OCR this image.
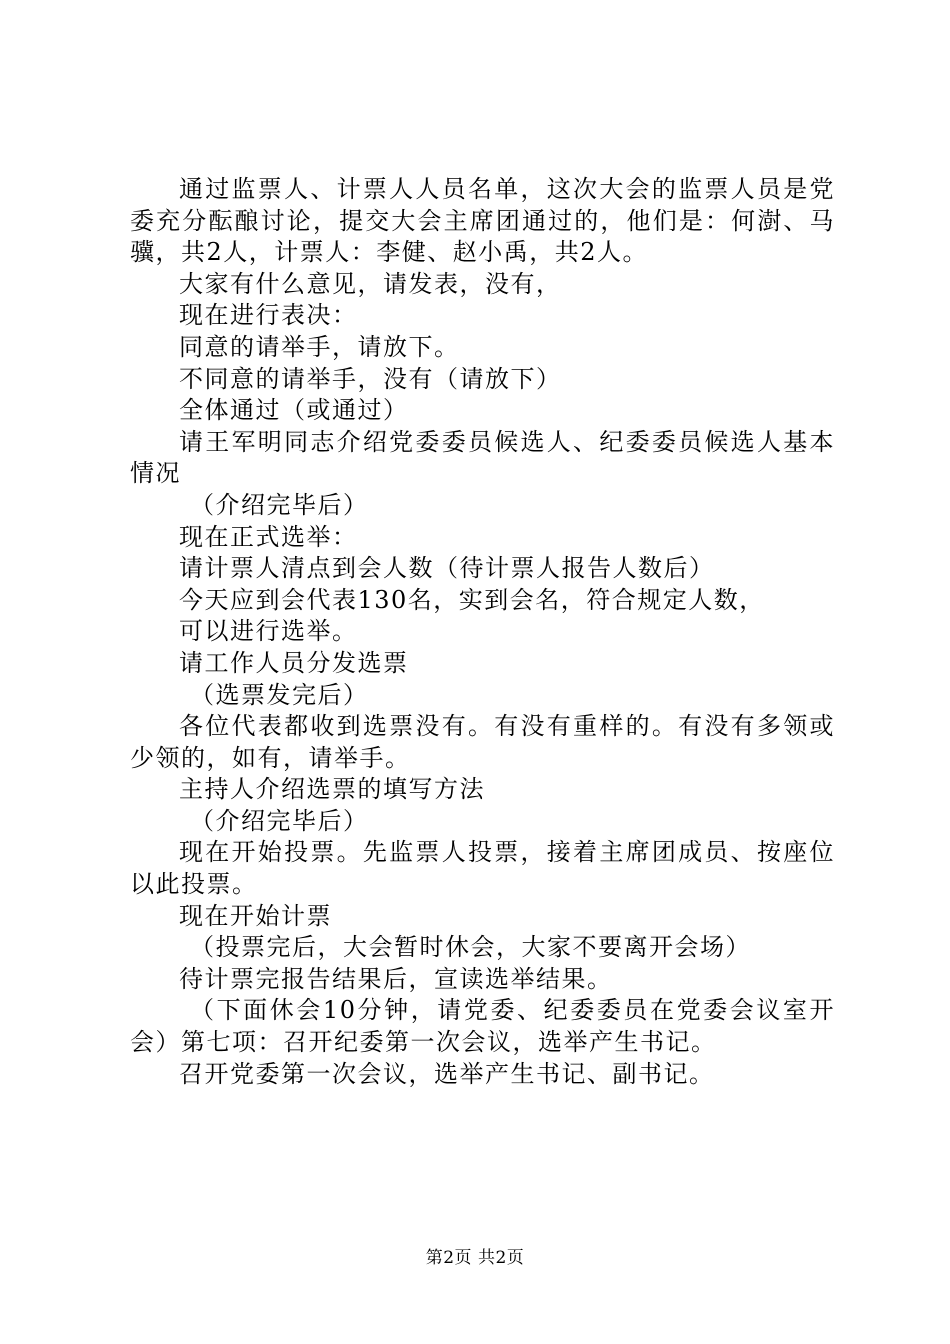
通过监票人、计票人人员名单，这次大会的监票人员是党委充分酝酿讨论，提交大会主席团通过的，他们是：何澍、马骥，共2人，计票人：李健、赵小禹，共2人。

大家有什么意见，请发表，没有，

现在进行表决：

同意的请举手，请放下。

不同意的请举手，没有（请放下）

全体通过（或通过）

请王军明同志介绍党委委员候选人、纪委委员候选人基本情况

（介绍完毕后）

现在正式选举：

请计票人清点到会人数（待计票人报告人数后）

今天应到会代表130名，实到会名，符合规定人数，

可以进行选举。

请工作人员分发选票

（选票发完后）

各位代表都收到选票没有。有没有重样的。有没有多领或少领的，如有，请举手。

主持人介绍选票的填写方法

（介绍完毕后）

现在开始投票。先监票人投票，接着主席团成员、按座位以此投票。

现在开始计票

（投票完后，大会暂时休会，大家不要离开会场）

待计票完报告结果后，宣读选举结果。

（下面休会10分钟，请党委、纪委委员在党委会议室开会）第七项：召开纪委第一次会议，选举产生书记。

召开党委第一次会议，选举产生书记、副书记。

第2页 共2页
